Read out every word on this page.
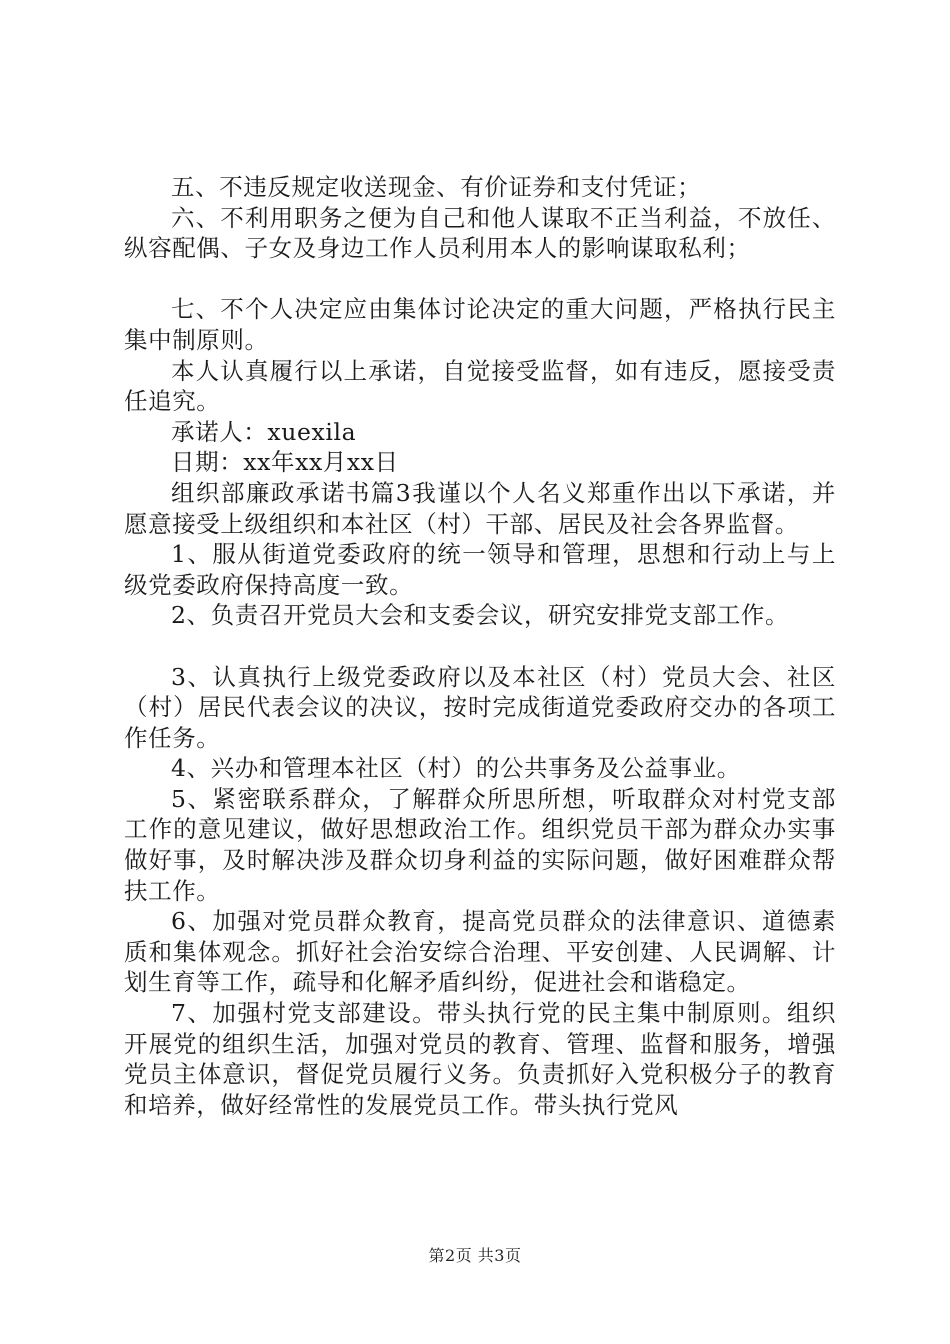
五、不违反规定收送现金、有价证券和支付凭证；

六、不利用职务之便为自己和他人谋取不正当利益，不放任、纵容配偶、子女及身边工作人员利用本人的影响谋取私利；

七、不个人决定应由集体讨论决定的重大问题，严格执行民主集中制原则。

本人认真履行以上承诺，自觉接受监督，如有违反，愿接受责任追究。

承诺人：xuexila

日期：xx年xx月xx日

组织部廉政承诺书篇3我谨以个人名义郑重作出以下承诺，并愿意接受上级组织和本社区（村）干部、居民及社会各界监督。

1、服从街道党委政府的统一领导和管理，思想和行动上与上级党委政府保持高度一致。

2、负责召开党员大会和支委会议，研究安排党支部工作。

3、认真执行上级党委政府以及本社区（村）党员大会、社区（村）居民代表会议的决议，按时完成街道党委政府交办的各项工作任务。

4、兴办和管理本社区（村）的公共事务及公益事业。

5、紧密联系群众，了解群众所思所想，听取群众对村党支部工作的意见建议，做好思想政治工作。组织党员干部为群众办实事做好事，及时解决涉及群众切身利益的实际问题，做好困难群众帮扶工作。

6、加强对党员群众教育，提高党员群众的法律意识、道德素质和集体观念。抓好社会治安综合治理、平安创建、人民调解、计划生育等工作，疏导和化解矛盾纠纷，促进社会和谐稳定。

7、加强村党支部建设。带头执行党的民主集中制原则。组织开展党的组织生活，加强对党员的教育、管理、监督和服务，增强党员主体意识，督促党员履行义务。负责抓好入党积极分子的教育和培养，做好经常性的发展党员工作。带头执行党风

第2页 共3页
